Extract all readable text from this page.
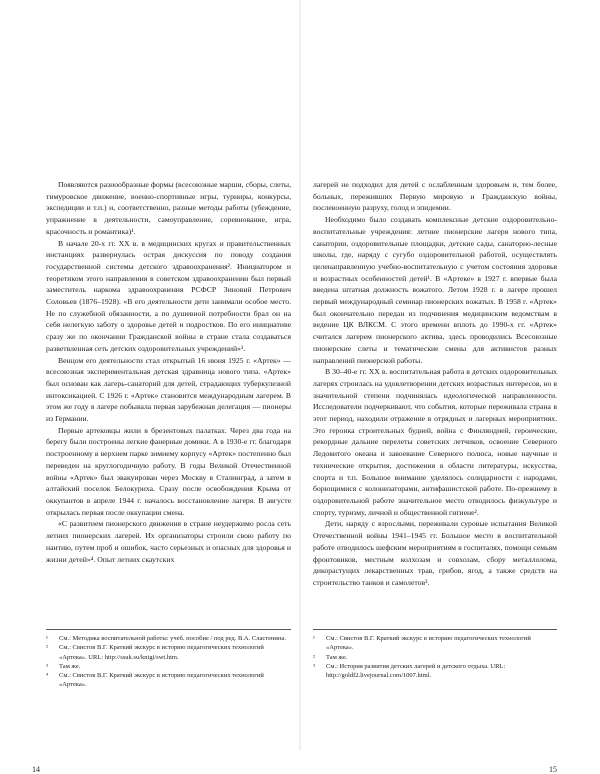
Появляются разнообразные формы (всесоюзные марши, сборы, слеты, тимуровское движение, военно-спортивные игры, турниры, конкурсы, экспедиции и т.п.) и, соответственно, разные методы работы (убеждение, упражнение в деятельности, самоуправление, соревнование, игра, красочность и романтика)¹.

В начале 20-х гг. XX в. в медицинских кругах и правительственных инстанциях развернулась острая дискуссия по поводу создания государственной системы детского здравоохранения². Инициатором и теоретиком этого направления в советском здравоохранении был первый заместитель наркома здравоохранения РСФСР Зиновий Петрович Соловьев (1876–1928). «В его деятельности дети занимали особое место. Не по служебной обязанности, а по душевной потребности брал он на себя нелегкую заботу о здоровье детей и подростков. По его инициативе сразу же по окончании Гражданской войны в стране стала создаваться разветвленная сеть детских оздоровительных учреждений»³.

Венцом его деятельности стал открытый 16 июня 1925 г. «Артек» — всесоюзная экспериментальная детская здравница нового типа. «Артек» был основан как лагерь-санаторий для детей, страдающих туберкулезной интоксикацией. С 1926 г. «Артек» становится международным лагерем. В этом же году в лагере побывала первая зарубежная делегация — пионеры из Германии.

Первые артековцы жили в брезентовых палатках. Через два года на берегу были построены легкие фанерные домики. А в 1930-е гг. благодаря построенному в верхнем парке зимнему корпусу «Артек» постепенно был переведен на круглогодичную работу. В годы Великой Отечественной войны «Артек» был эвакуирован через Москву в Сталинград, а затем в алтайский поселок Белокуриха. Сразу после освобождения Крыма от оккупантов в апреле 1944 г. началось восстановление лагеря. В августе открылась первая после оккупации смена.

«С развитием пионерского движения в стране неудержимо росла сеть летних пионерских лагерей. Их организаторы строили свою работу по наитию, путем проб и ошибок, часто серьезных и опасных для здоровья и жизни детей»⁴. Опыт летних скаутских

¹	См.: Методика воспитательной работы: учеб. пособие / под ред. В.А. Сластенина.
²	См.: Свистов В.Г. Краткий экскурс в историю педагогических технологий «Артека». URL: http://ssuk.su/knigi/swt.htm.
³	Там же.
⁴	См.: Свистов В.Г. Краткий экскурс в историю педагогических технологий «Артека».
14

лагерей не подходил для детей с ослабленным здоровьем и, тем более, больных, переживших Первую мировую и Гражданскую войны, послевоенную разруху, голод и эпидемии.

Необходимо было создавать комплексные детские оздоровительно-воспитательные учреждения: летние пионерские лагеря нового типа, санатории, оздоровительные площадки, детские сады, санаторно-лесные школы, где, наряду с сугубо оздоровительной работой, осуществлять целенаправленную учебно-воспитательную с учетом состояния здоровья и возрастных особенностей детей¹. В «Артеке» в 1927 г. впервые была введена штатная должность вожатого. Летом 1928 г. в лагере прошел первый международный семинар пионерских вожатых. В 1958 г. «Артек» был окончательно передан из подчинения медицинским ведомствам в ведение ЦК ВЛКСМ. С этого времени вплоть до 1990-х гг. «Артек» считался лагерем пионерского актива, здесь проводились Всесоюзные пионерские слеты и тематические смены для активистов разных направлений пионерской работы.

В 30–40-е гг. XX в. воспитательная работа в детских оздоровительных лагерях строилась на удовлетворении детских возрастных интересов, но в значительной степени подчинялась идеологической направленности. Исследователи подчеркивают, что события, которые переживала страна в этот период, находили отражение в отрядных и лагерных мероприятиях. Это героика строительных будней, война с Финляндией, героические, рекордные дальние перелеты советских летчиков, освоение Северного Ледовитого океана и завоевание Северного полюса, новые научные и технические открытия, достижения в области литературы, искусства, спорта и т.п. Большое внимание уделялось солидарности с народами, борющимися с колонизаторами, антифашистской работе. По-прежнему в оздоровительной работе значительное место отводилось физкультуре и спорту, туризму, личной и общественной гигиене².

Дети, наряду с взрослыми, переживали суровые испытания Великой Отечественной войны 1941–1945 гг. Большое место в воспитательной работе отводилось шефским мероприятиям в госпиталях, помощи семьям фронтовиков, местным колхозам и совхозам, сбору металлолома, дикорастущих лекарственных трав, грибов, ягод, а также средств на строительство танков и самолетов³.

¹	См.: Свистов В.Г. Краткий экскурс в историю педагогических технологий «Артека».
²	Там же.
³	См.: История развития детских лагерей и детского отдыха. URL: http://goldf2.livejournal.com/1007.html.
15
